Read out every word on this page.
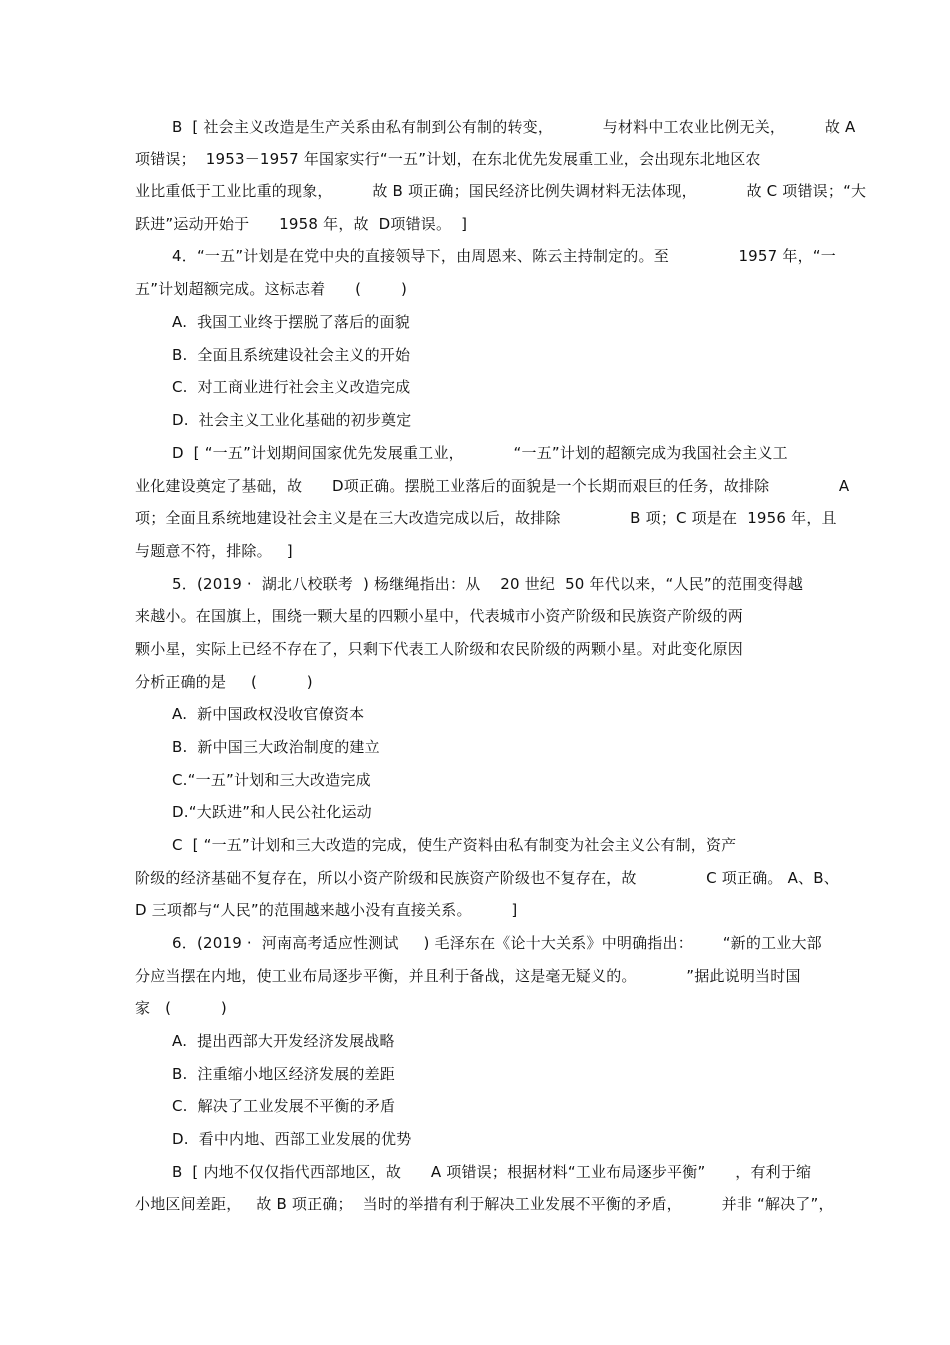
B  [ 社会主义改造是生产关系由私有制到公有制的转变，          与材料中工农业比例无关，        故 A
项错误；  1953－1957 年国家实行“一五”计划，在东北优先发展重工业，会出现东北地区农
业比重低于工业比重的现象，        故 B 项正确；国民经济比例失调材料无法体现，          故 C 项错误；“大
跃进”运动开始于      1958 年，故  D项错误。  ]
4．“一五”计划是在党中央的直接领导下，由周恩来、陈云主持制定的。至              1957 年，“一
五”计划超额完成。这标志着      (        )
A.  我国工业终于摆脱了落后的面貌
B.  全面且系统建设社会主义的开始
C.  对工商业进行社会主义改造完成
D.  社会主义工业化基础的初步奠定
D  [ “一五”计划期间国家优先发展重工业，          “一五”计划的超额完成为我国社会主义工
业化建设奠定了基础，故      D项正确。摆脱工业落后的面貌是一个长期而艰巨的任务，故排除              A
项；全面且系统地建设社会主义是在三大改造完成以后，故排除              B 项；C 项是在  1956 年，且
与题意不符，排除。   ]
5．(2019 ·  湖北八校联考  ) 杨继绳指出：从    20 世纪  50 年代以来，“人民”的范围变得越
来越小。在国旗上，围绕一颗大星的四颗小星中，代表城市小资产阶级和民族资产阶级的两
颗小星，实际上已经不存在了，只剩下代表工人阶级和农民阶级的两颗小星。对此变化原因
分析正确的是     (          )
A.  新中国政权没收官僚资本
B.  新中国三大政治制度的建立
C.“一五”计划和三大改造完成
D.“大跃进”和人民公社化运动
C  [ “一五”计划和三大改造的完成，使生产资料由私有制变为社会主义公有制，资产
阶级的经济基础不复存在，所以小资产阶级和民族资产阶级也不复存在，故              C 项正确。 A、B、
D 三项都与“人民”的范围越来越小没有直接关系。        ]
6．(2019 ·  河南高考适应性测试     ) 毛泽东在《论十大关系》中明确指出：      “新的工业大部
分应当摆在内地，使工业布局逐步平衡，并且利于备战，这是毫无疑义的。          ”据此说明当时国
家   (          )
A.  提出西部大开发经济发展战略
B.  注重缩小地区经济发展的差距
C.  解决了工业发展不平衡的矛盾
D.  看中内地、西部工业发展的优势
B  [ 内地不仅仅指代西部地区，故      A 项错误；根据材料“工业布局逐步平衡”      ，有利于缩
小地区间差距，   故 B 项正确；  当时的举措有利于解决工业发展不平衡的矛盾，        并非 “解决了”，
